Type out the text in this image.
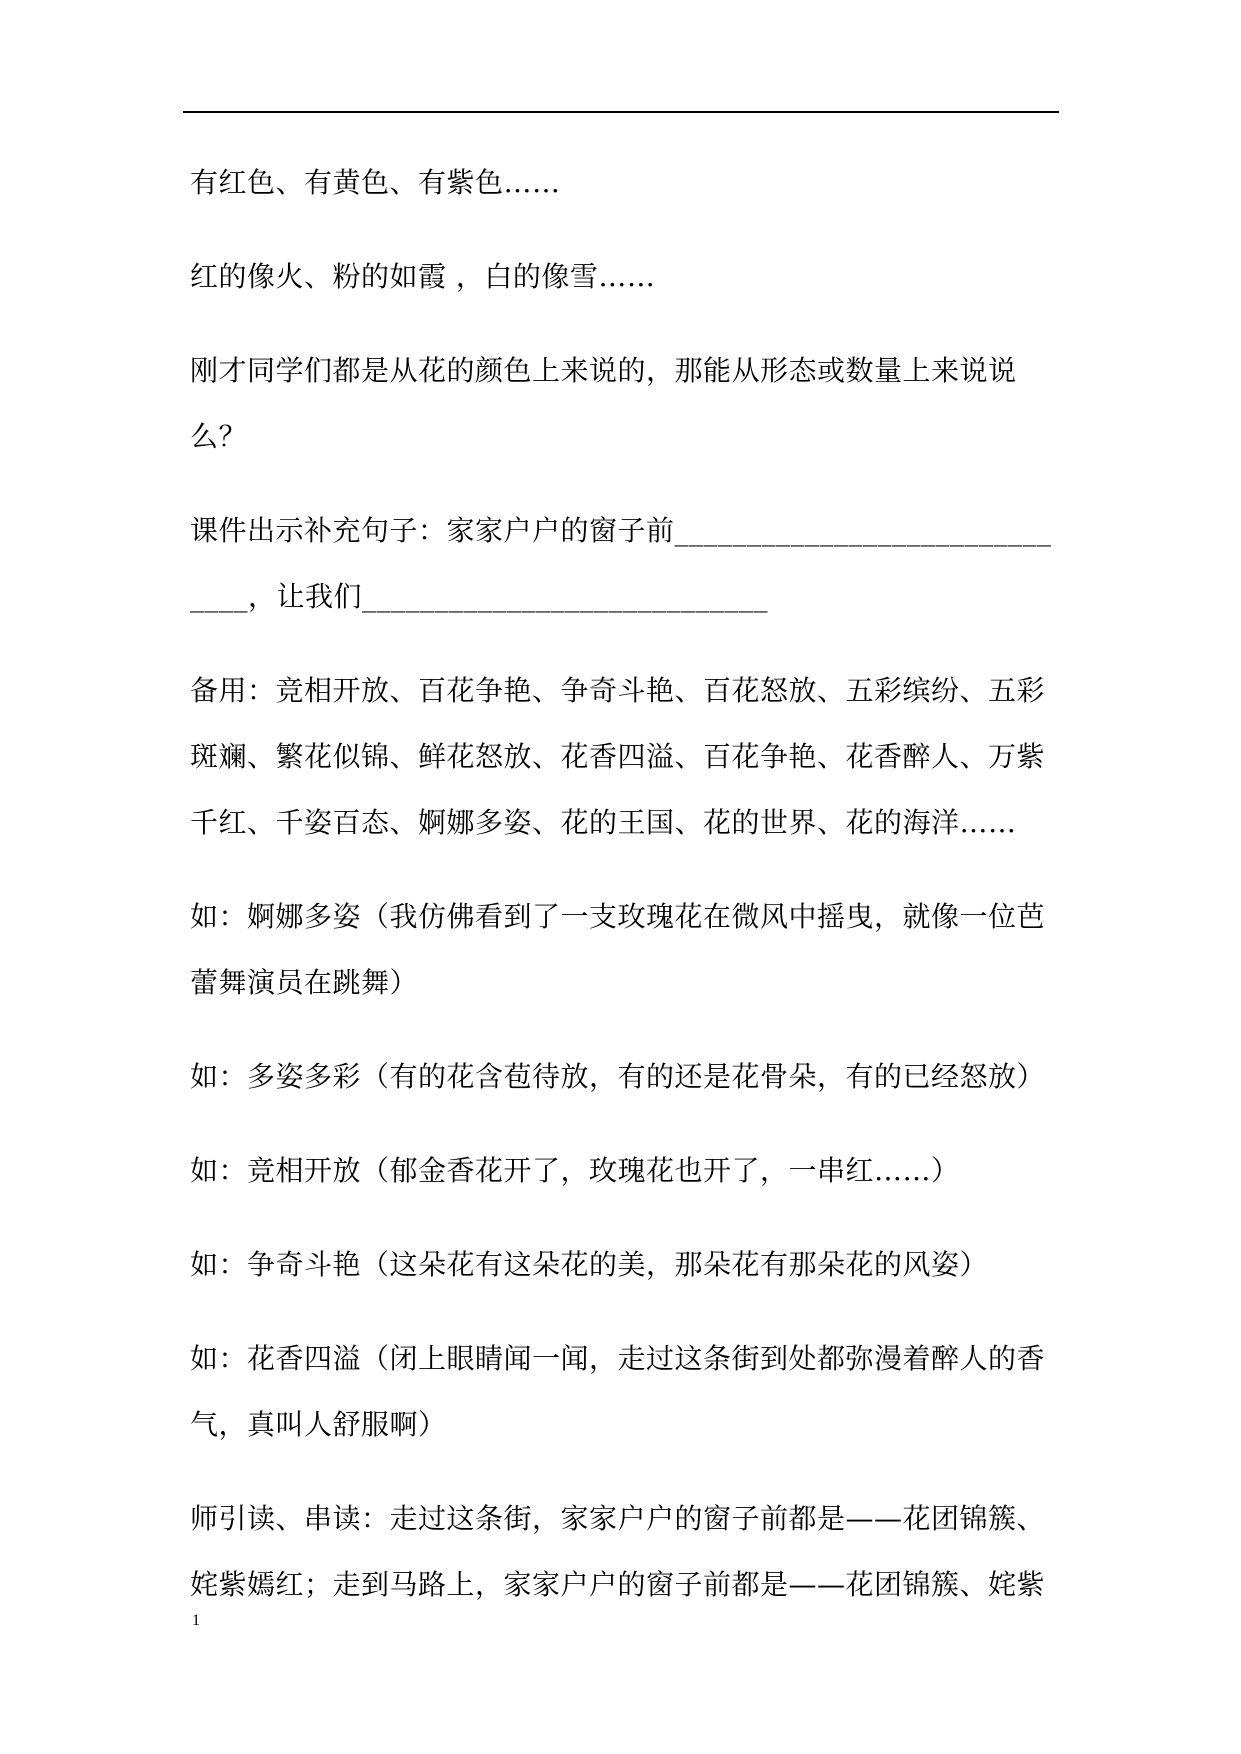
有红色、有黄色、有紫色……

红的像火、粉的如霞 ，白的像雪……

刚才同学们都是从花的颜色上来说的，那能从形态或数量上来说说么？

课件出示补充句子：家家户户的窗子前______________________________，让我们____________________________

备用：竞相开放、百花争艳、争奇斗艳、百花怒放、五彩缤纷、五彩斑斓、繁花似锦、鲜花怒放、花香四溢、百花争艳、花香醉人、万紫千红、千姿百态、婀娜多姿、花的王国、花的世界、花的海洋……

如：婀娜多姿（我仿佛看到了一支玫瑰花在微风中摇曳，就像一位芭蕾舞演员在跳舞）

如：多姿多彩（有的花含苞待放，有的还是花骨朵，有的已经怒放）

如：竞相开放（郁金香花开了，玫瑰花也开了，一串红……）

如：争奇斗艳（这朵花有这朵花的美，那朵花有那朵花的风姿）

如：花香四溢（闭上眼睛闻一闻，走过这条街到处都弥漫着醉人的香气，真叫人舒服啊）

师引读、串读：走过这条街，家家户户的窗子前都是——花团锦簇、姹紫嫣红；走到马路上，家家户户的窗子前都是——花团锦簇、姹紫

1
